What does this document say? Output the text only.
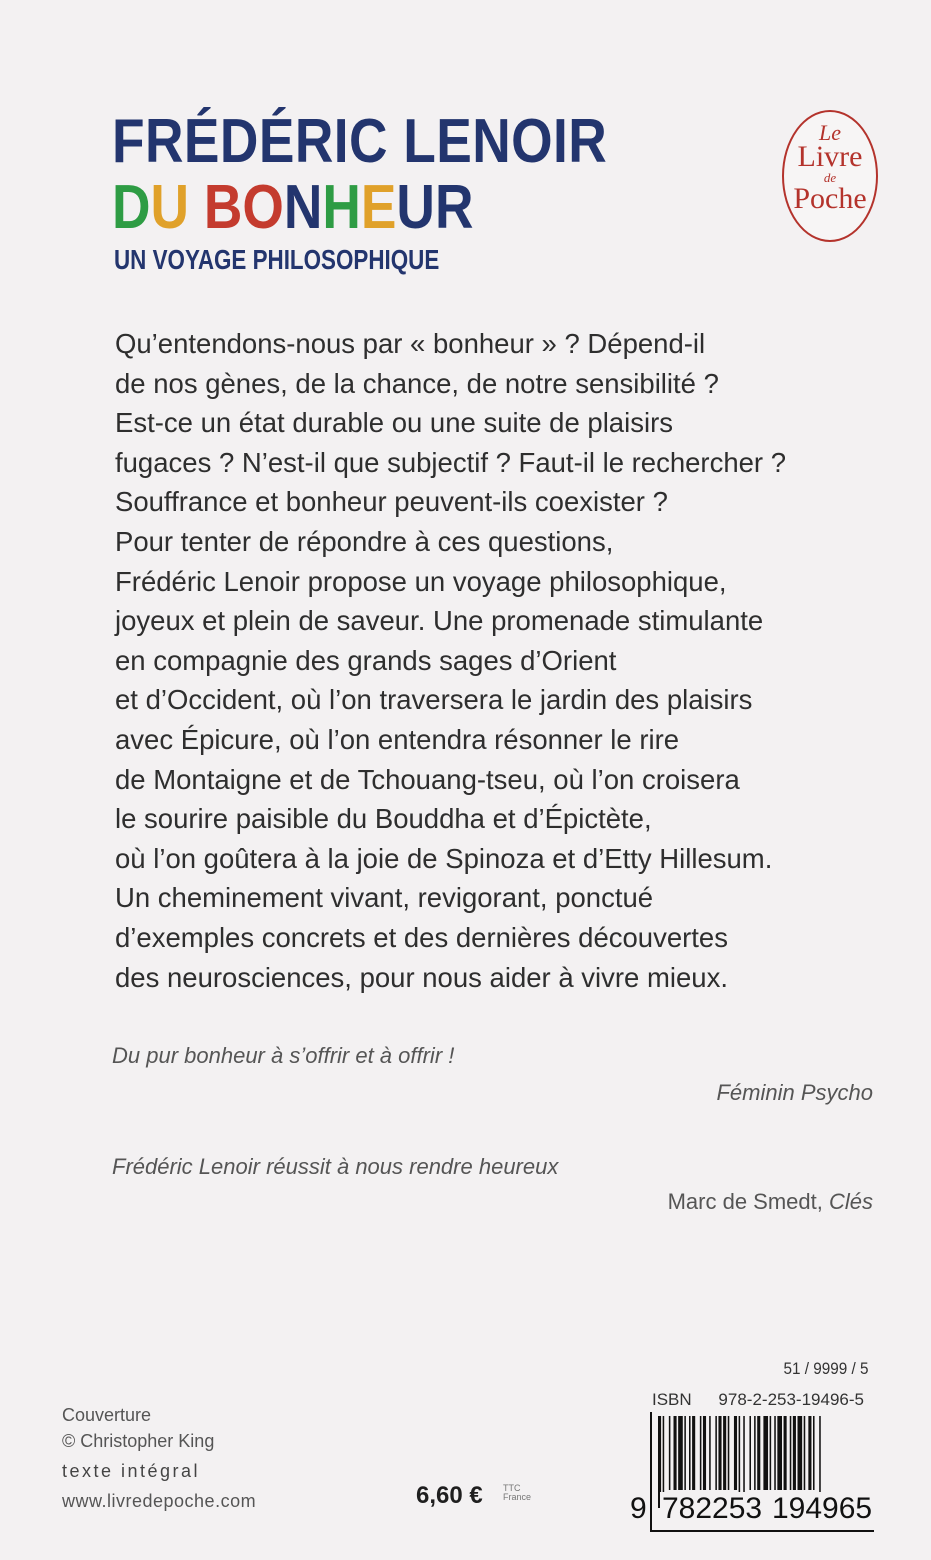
FRÉDÉRIC LENOIR
DU BONHEUR
UN VOYAGE PHILOSOPHIQUE
Le
Livre
de
Poche

Qu’entendons-nous par « bonheur » ? Dépend-il
de nos gènes, de la chance, de notre sensibilité ?
Est-ce un état durable ou une suite de plaisirs
fugaces ? N’est-il que subjectif ? Faut-il le rechercher ?
Souffrance et bonheur peuvent-ils coexister ?
Pour tenter de répondre à ces questions,
Frédéric Lenoir propose un voyage philosophique,
joyeux et plein de saveur. Une promenade stimulante
en compagnie des grands sages d’Orient
et d’Occident, où l’on traversera le jardin des plaisirs
avec Épicure, où l’on entendra résonner le rire
de Montaigne et de Tchouang-tseu, où l’on croisera
le sourire paisible du Bouddha et d’Épictète,
où l’on goûtera à la joie de Spinoza et d’Etty Hillesum.
Un cheminement vivant, revigorant, ponctué
d’exemples concrets et des dernières découvertes
des neurosciences, pour nous aider à vivre mieux.

Du pur bonheur à s’offrir et à offrir !
Féminin Psycho
Frédéric Lenoir réussit à nous rendre heureux
Marc de Smedt, Clés
51 / 9999 / 5
ISBN 978-2-253-19496-5
9 782253 194965
Couverture
© Christopher King
texte intégral
www.livredepoche.com	6,60 € TTC France
